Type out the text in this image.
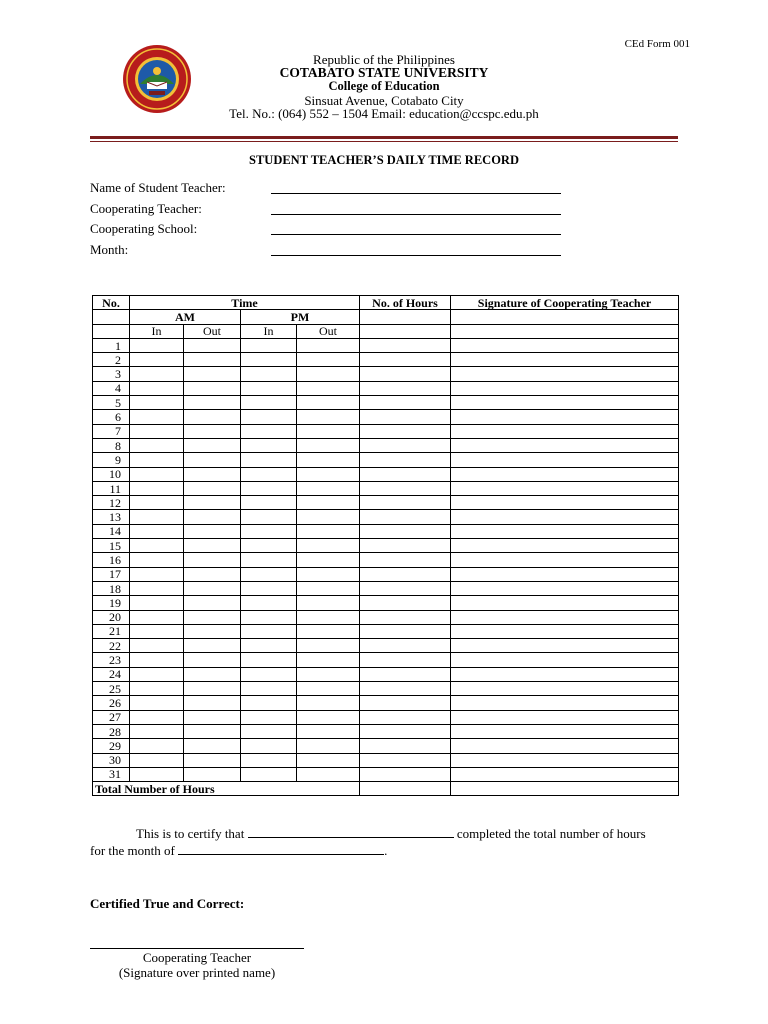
CEd Form 001
Republic of the Philippines
COTABATO STATE UNIVERSITY
College of Education
Sinsuat Avenue, Cotabato City
Tel. No.: (064) 552 – 1504 Email: education@ccspc.edu.ph
STUDENT TEACHER’S DAILY TIME RECORD
Name of Student Teacher:
Cooperating Teacher:
Cooperating School:
Month:
No.	Time				No. of Hours	Signature of Cooperating Teacher
	AM		PM			
	In	Out	In	Out		
1						
2						
3						
4						
5						
6						
7						
8						
9						
10						
11						
12						
13						
14						
15						
16						
17						
18						
19						
20						
21						
22						
23						
24						
25						
26						
27						
28						
29						
30						
31						
Total Number of Hours						
This is to certify that	completed the total number of hours
for the month of	.
Certified True and Correct:
Cooperating Teacher
(Signature over printed name)
